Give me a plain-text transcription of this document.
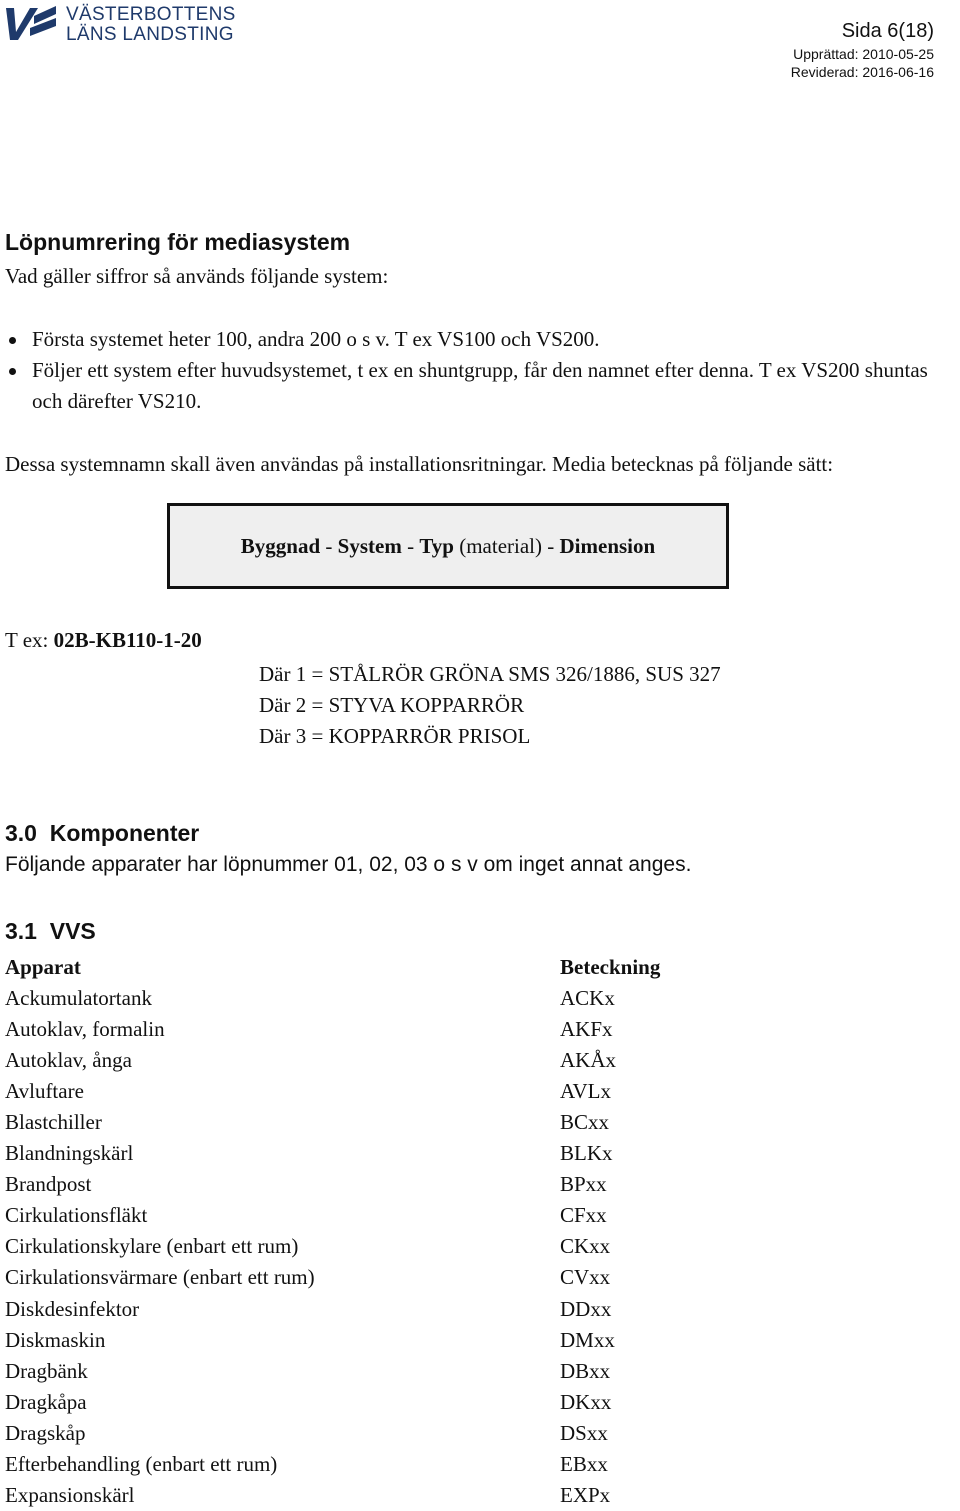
VÄSTERBOTTENS
LÄNS LANDSTING	Sida 6(18)
Upprättad: 2010-05-25
Reviderad: 2016-06-16
Löpnumrering för mediasystem

Vad gäller siffror så används följande system:

Första systemet heter 100, andra 200 o s v. T ex VS100 och VS200.
Följer ett system efter huvudsystemet, t ex en shuntgrupp, får den namnet efter denna. T ex VS200 shuntas och därefter VS210.

Dessa systemnamn skall även användas på installationsritningar. Media betecknas på följande sätt:

Byggnad - System - Typ (material) - Dimension

T ex: 02B-KB110-1-20

Där 1 = STÅLRÖR GRÖNA SMS 326/1886, SUS 327

Där 2 = STYVA KOPPARRÖR

Där 3 = KOPPARRÖR PRISOL

3.0  Komponenter
Följande apparater har löpnummer 01, 02, 03 o s v om inget annat anges.
3.1  VVS
Apparat
Ackumulatortank
Autoklav, formalin
Autoklav, ånga
Avluftare
Blastchiller
Blandningskärl
Brandpost
Cirkulationsfläkt
Cirkulationskylare (enbart ett rum)
Cirkulationsvärmare (enbart ett rum)
Diskdesinfektor
Diskmaskin
Dragbänk
Dragkåpa
Dragskåp
Efterbehandling (enbart ett rum)
Expansionskärl
Beteckning
ACKx
AKFx
AKÅx
AVLx
BCxx
BLKx
BPxx
CFxx
CKxx
CVxx
DDxx
DMxx
DBxx
DKxx
DSxx
EBxx
EXPx
